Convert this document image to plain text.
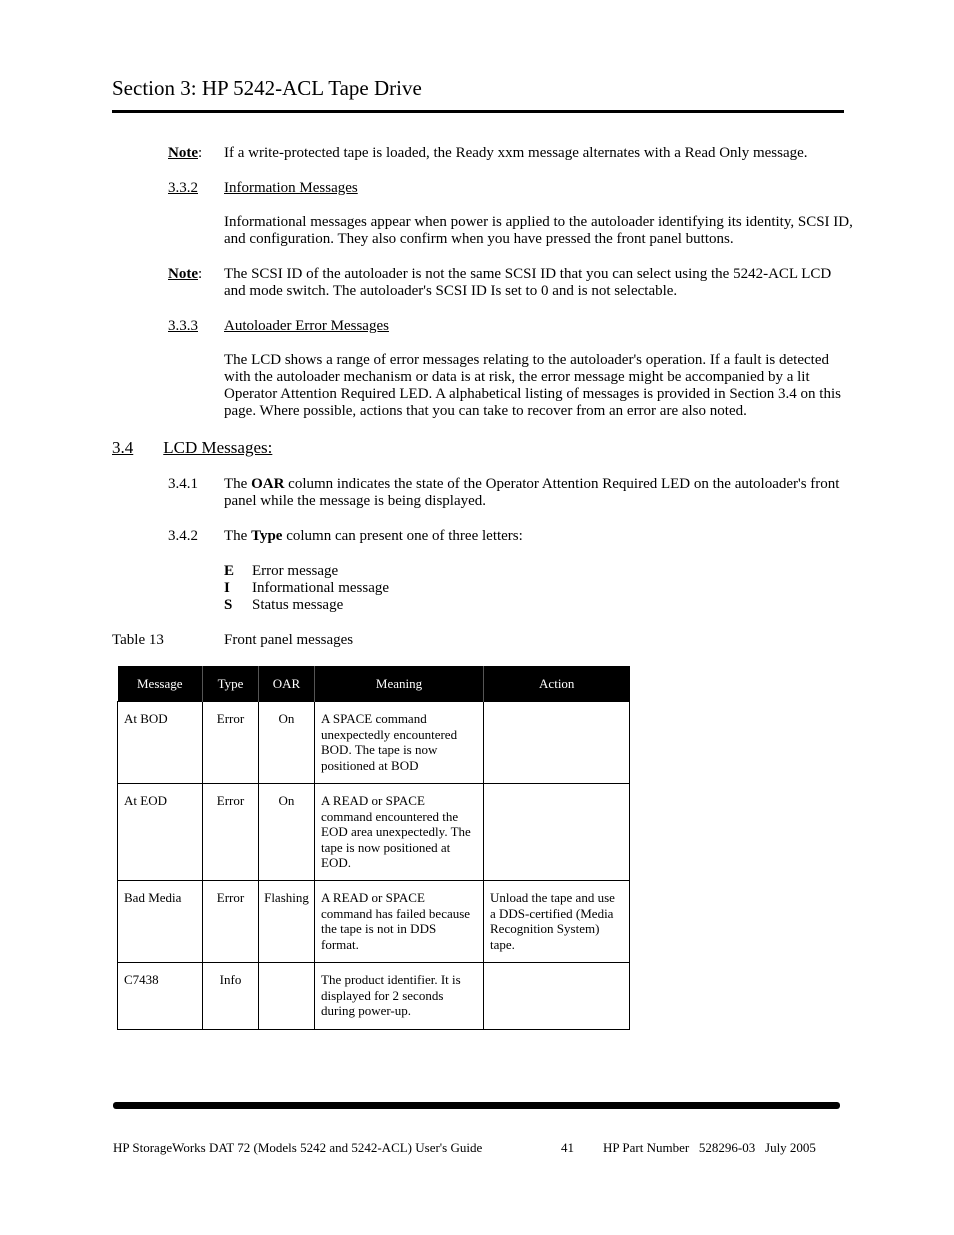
Section 3: HP 5242-ACL Tape Drive
Note: If a write-protected tape is loaded, the Ready xxm message alternates with a Read Only message.
3.3.2 Information Messages
Informational messages appear when power is applied to the autoloader identifying its identity, SCSI ID, and configuration. They also confirm when you have pressed the front panel buttons.
Note: The SCSI ID of the autoloader is not the same SCSI ID that you can select using the 5242-ACL LCD and mode switch. The autoloader's SCSI ID Is set to 0 and is not selectable.
3.3.3 Autoloader Error Messages
The LCD shows a range of error messages relating to the autoloader's operation. If a fault is detected with the autoloader mechanism or data is at risk, the error message might be accompanied by a lit Operator Attention Required LED. A alphabetical listing of messages is provided in Section 3.4 on this page. Where possible, actions that you can take to recover from an error are also noted.
3.4 LCD Messages:
3.4.1 The OAR column indicates the state of the Operator Attention Required LED on the autoloader's front panel while the message is being displayed.
3.4.2 The Type column can present one of three letters:
E Error message
I Informational message
S Status message
Table 13	Front panel messages
Message	Type	OAR	Meaning	Action
At BOD	Error	On	A SPACE command unexpectedly encountered BOD. The tape is now positioned at BOD	
At EOD	Error	On	A READ or SPACE command encountered the EOD area unexpectedly. The tape is now positioned at EOD.	
Bad Media	Error	Flashing	A READ or SPACE command has failed because the tape is not in DDS format.	Unload the tape and use a DDS-certified (Media Recognition System) tape.
C7438	Info		The product identifier. It is displayed for 2 seconds during power-up.	
HP StorageWorks DAT 72 (Models 5242 and 5242-ACL) User's Guide	41 HP Part Number   528296-03   July 2005
